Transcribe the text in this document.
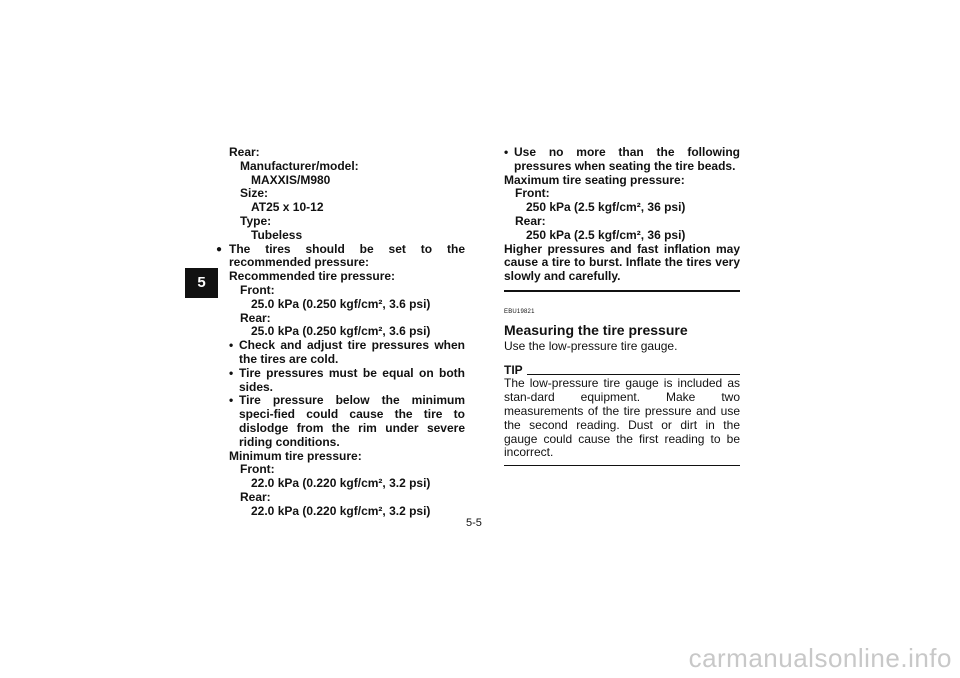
5
Rear:
Manufacturer/model:
MAXXIS/M980
Size:
AT25 x 10-12
Type:
Tubeless
● The tires should be set to the recommended pressure:
Recommended tire pressure:
Front:
25.0 kPa (0.250 kgf/cm², 3.6 psi)
Rear:
25.0 kPa (0.250 kgf/cm², 3.6 psi)
• Check and adjust tire pressures when the tires are cold.
• Tire pressures must be equal on both sides.
• Tire pressure below the minimum speci-fied could cause the tire to dislodge from the rim under severe riding conditions.
Minimum tire pressure:
Front:
22.0 kPa (0.220 kgf/cm², 3.2 psi)
Rear:
22.0 kPa (0.220 kgf/cm², 3.2 psi)
• Use no more than the following pressures when seating the tire beads.
Maximum tire seating pressure:
Front:
250 kPa (2.5 kgf/cm², 36 psi)
Rear:
250 kPa (2.5 kgf/cm², 36 psi)
Higher pressures and fast inflation may cause a tire to burst. Inflate the tires very slowly and carefully.
EBU19821
Measuring the tire pressure
Use the low-pressure tire gauge.
TIP
The low-pressure tire gauge is included as stan-dard equipment. Make two measurements of the tire pressure and use the second reading. Dust or dirt in the gauge could cause the first reading to be incorrect.
5-5
carmanualsonline.info
